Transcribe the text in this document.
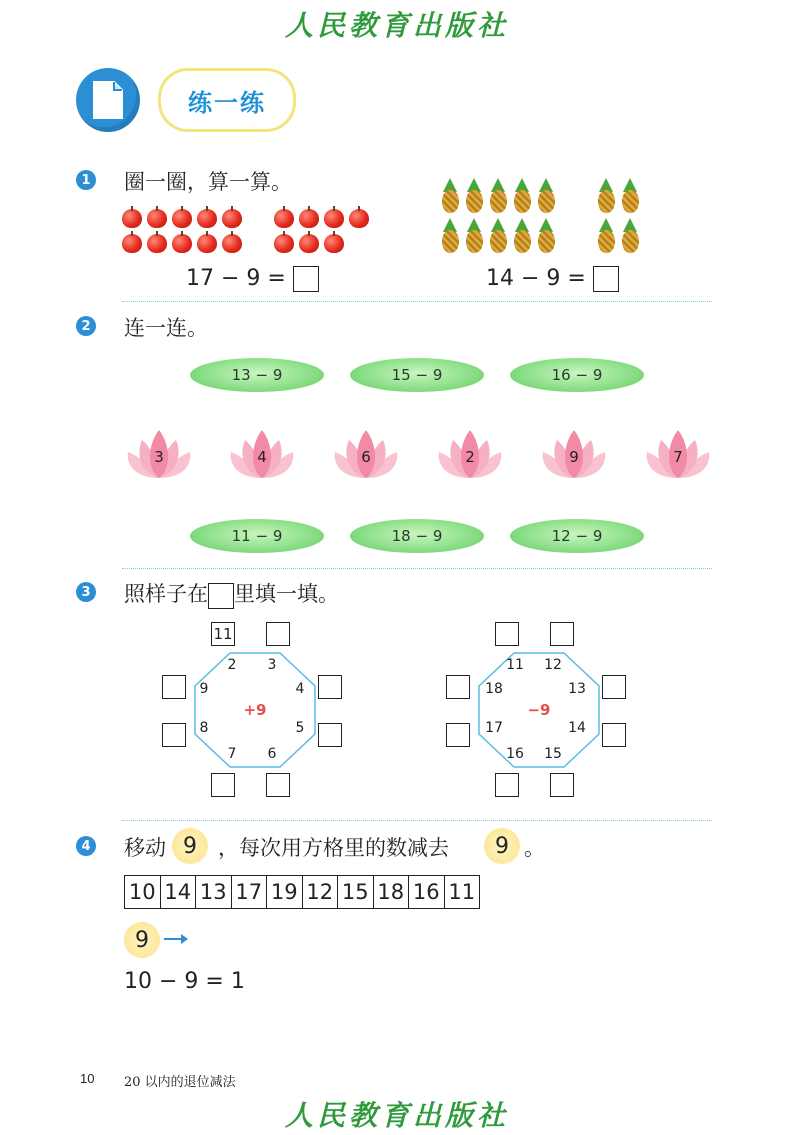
人民教育出版社
练一练
1 圈一圈，算一算。
17 − 9 =	14 − 9 =
2 连一连。
13 − 9	15 − 9	16 − 9
3	4	6	2	9	7
11 − 9	18 − 9	12 − 9
3 照样子在 里填一填。
2	3
4
5
6
7
8
9
+9
11
11 12
13
14
15
16
17
18
−9
4 移动 9 ，每次用方格里的数减去 9 。
10 14 13 17 19 12 15 18 16 11
9
10 − 9 = 1
10 20 以内的退位减法
人民教育出版社
